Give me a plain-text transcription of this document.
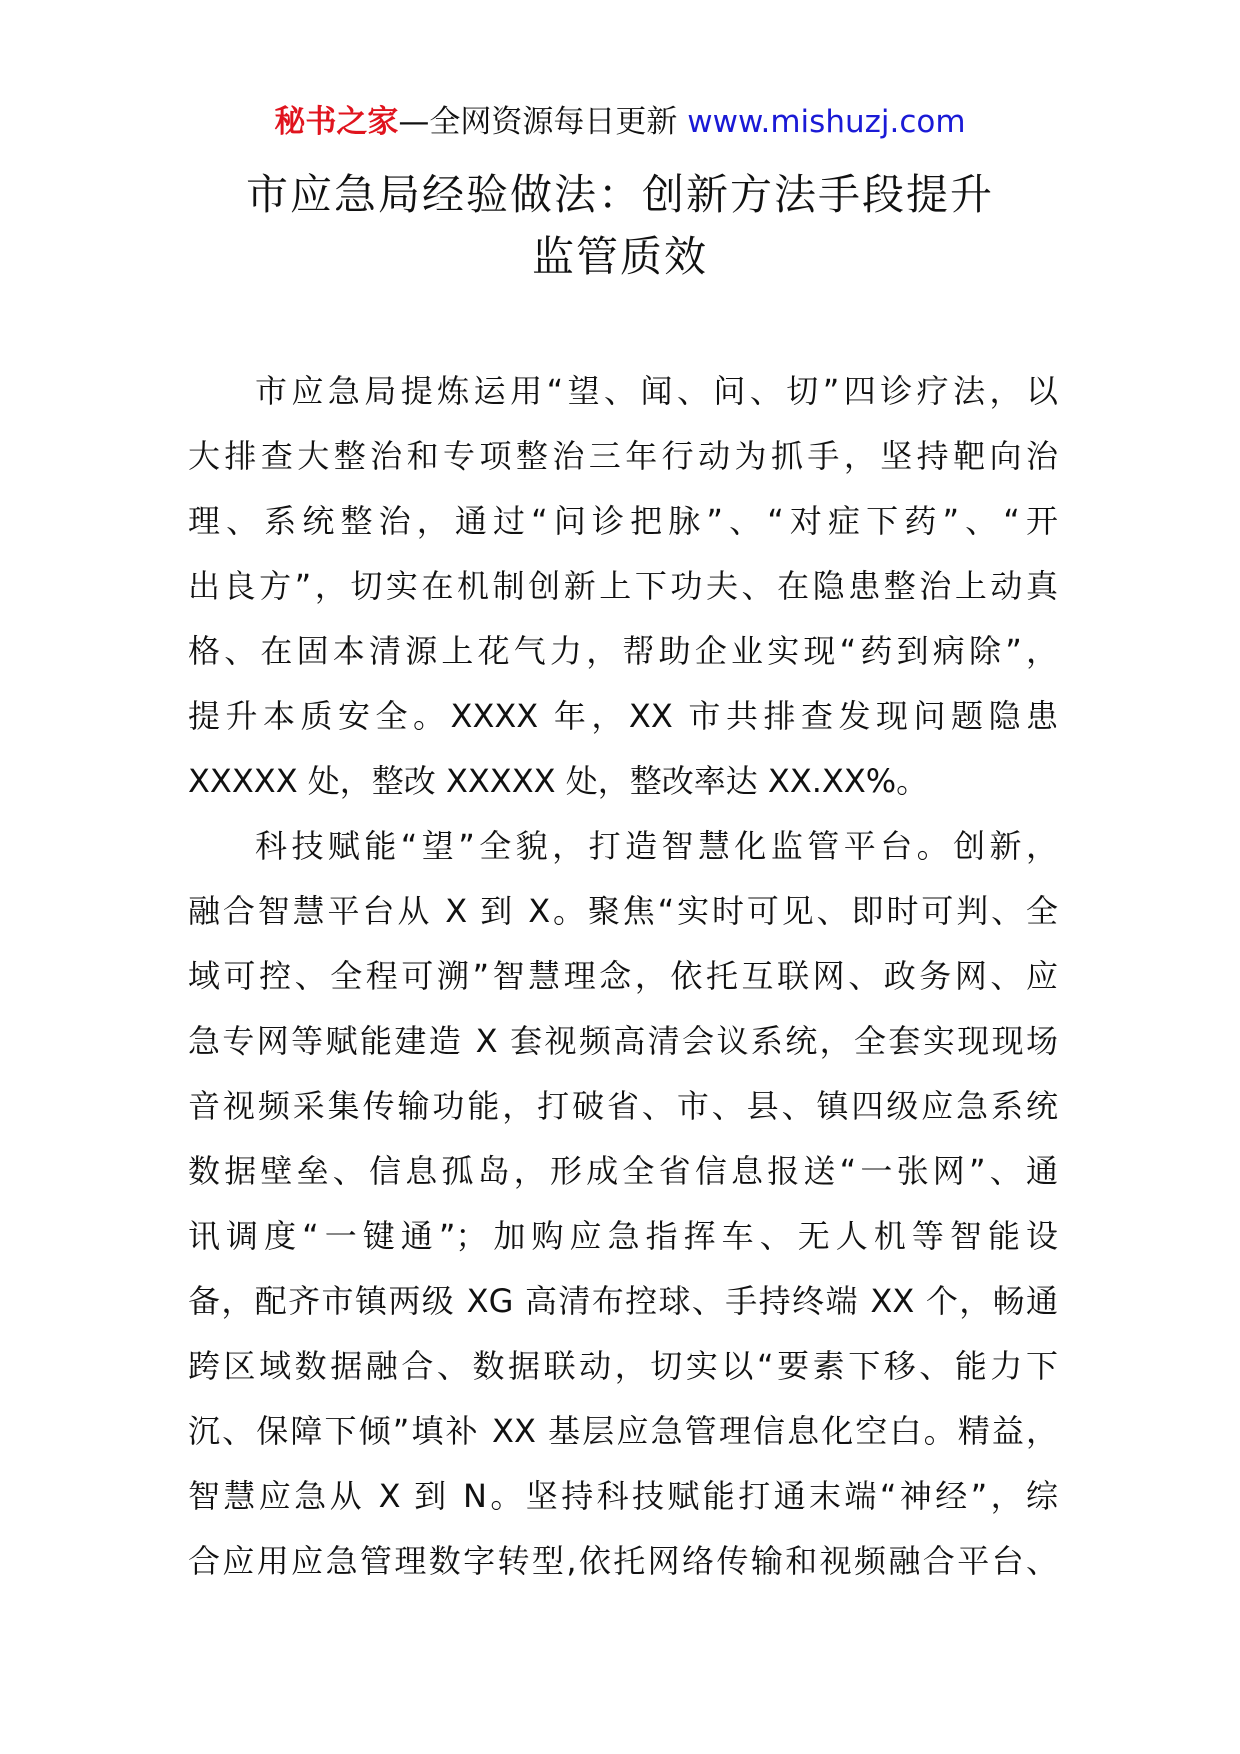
秘书之家—全网资源每日更新 www.mishuzj.com
市应急局经验做法：创新方法手段提升
监管质效
市应急局提炼运用“望、闻、问、切”四诊疗法，以
大排查大整治和专项整治三年行动为抓手，坚持靶向治
理、系统整治，通过“问诊把脉”、“对症下药”、“开
出良方”，切实在机制创新上下功夫、在隐患整治上动真
格、在固本清源上花气力，帮助企业实现“药到病除”，
提升本质安全。XXXX 年，XX 市共排查发现问题隐患
XXXXX 处，整改 XXXXX 处，整改率达 XX.XX%。
科技赋能“望”全貌，打造智慧化监管平台。创新，
融合智慧平台从 X 到 X。聚焦“实时可见、即时可判、全
域可控、全程可溯”智慧理念，依托互联网、政务网、应
急专网等赋能建造 X 套视频高清会议系统，全套实现现场
音视频采集传输功能，打破省、市、县、镇四级应急系统
数据壁垒、信息孤岛，形成全省信息报送“一张网”、通
讯调度“一键通”；加购应急指挥车、无人机等智能设
备，配齐市镇两级 XG 高清布控球、手持终端 XX 个，畅通
跨区域数据融合、数据联动，切实以“要素下移、能力下
沉、保障下倾”填补 XX 基层应急管理信息化空白。精益，
智慧应急从 X 到 N。坚持科技赋能打通末端“神经”，综
合应用应急管理数字转型,依托网络传输和视频融合平台、
